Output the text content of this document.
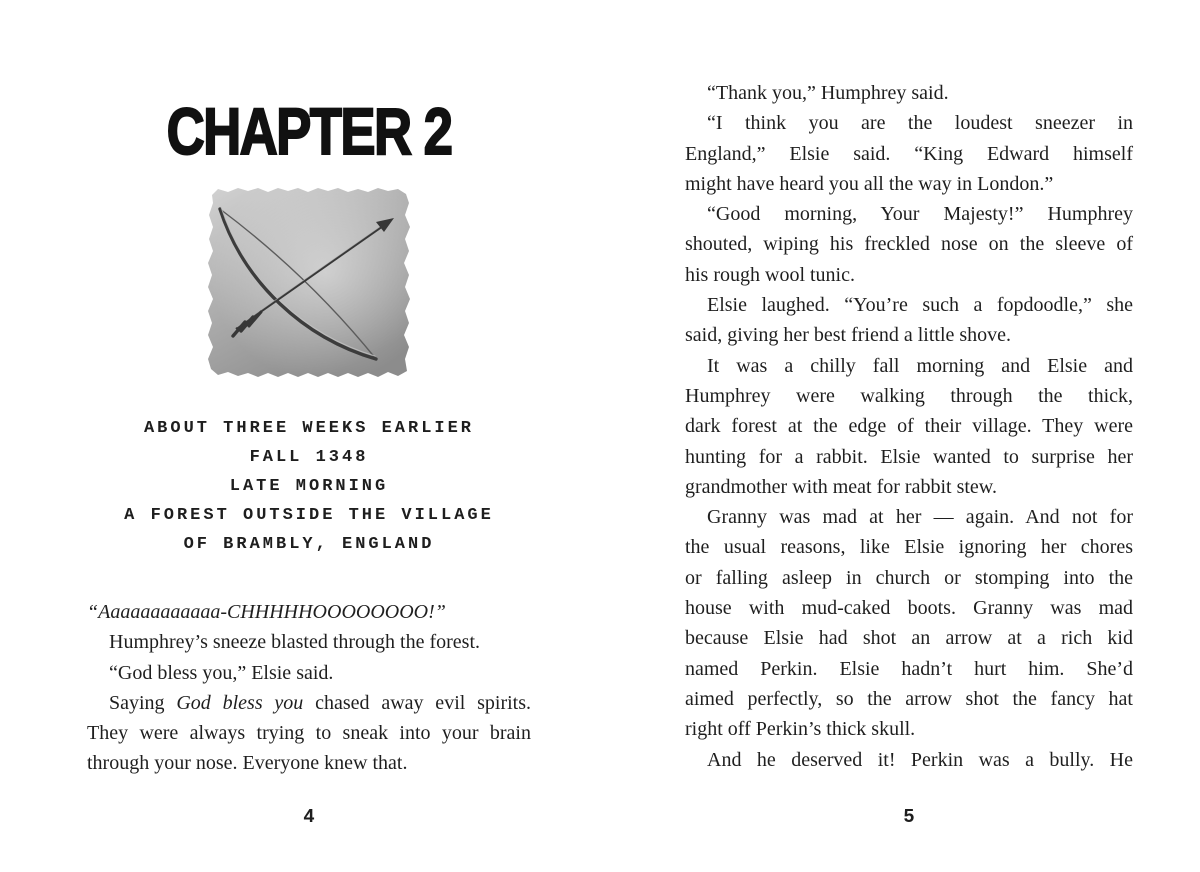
CHAPTER 2
ABOUT THREE WEEKS EARLIER
FALL 1348
LATE MORNING
A FOREST OUTSIDE THE VILLAGE
OF BRAMBLY, ENGLAND
“Aaaaaaaaaaaa-CHHHHHOOOOOOOO!”
Humphrey’s sneeze blasted through the forest.
“God bless you,” Elsie said.
Saying God bless you chased away evil spirits.
They were always trying to sneak into your brain
through your nose. Everyone knew that.
4
“Thank you,” Humphrey said.
“I think you are the loudest sneezer in
England,” Elsie said. “King Edward himself
might have heard you all the way in London.”
“Good morning, Your Majesty!” Humphrey
shouted, wiping his freckled nose on the sleeve of
his rough wool tunic.
Elsie laughed. “You’re such a fopdoodle,” she
said, giving her best friend a little shove.
It was a chilly fall morning and Elsie and
Humphrey were walking through the thick,
dark forest at the edge of their village. They were
hunting for a rabbit. Elsie wanted to surprise her
grandmother with meat for rabbit stew.
Granny was mad at her — again. And not for
the usual reasons, like Elsie ignoring her chores
or falling asleep in church or stomping into the
house with mud-caked boots. Granny was mad
because Elsie had shot an arrow at a rich kid
named Perkin. Elsie hadn’t hurt him. She’d
aimed perfectly, so the arrow shot the fancy hat
right off Perkin’s thick skull.
And he deserved it! Perkin was a bully. He
5
